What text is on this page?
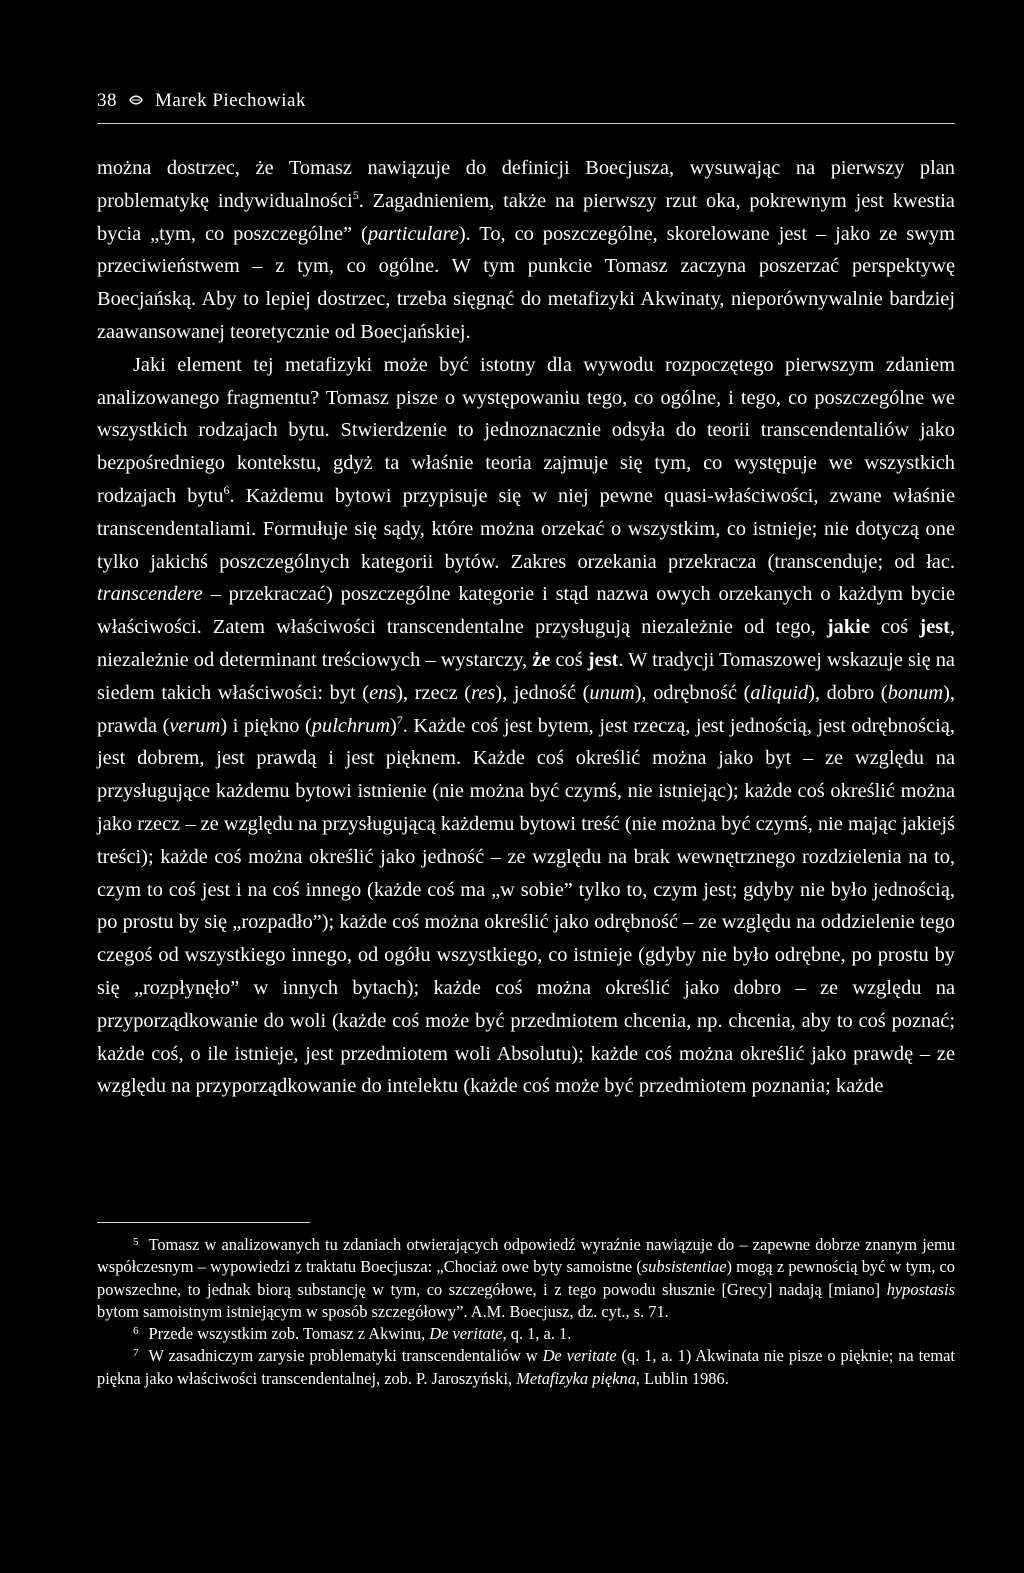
38 Marek Piechowiak

można dostrzec, że Tomasz nawiązuje do definicji Boecjusza, wysuwając na pierwszy plan problematykę indywidualności$^5$. Zagadnieniem, także na pierwszy rzut oka, pokrewnym jest kwestia bycia „tym, co poszczególne” (particulare). To, co poszczególne, skorelowane jest – jako ze swym przeciwieństwem – z tym, co ogólne. W tym punkcie Tomasz zaczyna poszerzać perspektywę Boecjańską. Aby to lepiej dostrzec, trzeba sięgnąć do metafizyki Akwinaty, nieporównywalnie bardziej zaawansowanej teoretycznie od Boecjańskiej.

Jaki element tej metafizyki może być istotny dla wywodu rozpoczętego pierwszym zdaniem analizowanego fragmentu? Tomasz pisze o występowaniu tego, co ogólne, i tego, co poszczególne we wszystkich rodzajach bytu. Stwierdzenie to jednoznacznie odsyła do teorii transcendentaliów jako bezpośredniego kontekstu, gdyż ta właśnie teoria zajmuje się tym, co występuje we wszystkich rodzajach bytu$^6$. Każdemu bytowi przypisuje się w niej pewne quasi-właściwości, zwane właśnie transcendentaliami. Formułuje się sądy, które można orzekać o wszystkim, co istnieje; nie dotyczą one tylko jakichś poszczególnych kategorii bytów. Zakres orzekania przekracza (transcenduje; od łac. transcendere – przekraczać) poszczególne kategorie i stąd nazwa owych orzekanych o każdym bycie właściwości. Zatem właściwości transcendentalne przysługują niezależnie od tego, jakie coś jest, niezależnie od determinant treściowych – wystarczy, że coś jest. W tradycji Tomaszowej wskazuje się na siedem takich właściwości: byt (ens), rzecz (res), jedność (unum), odrębność (aliquid), dobro (bonum), prawda (verum) i piękno (pulchrum)$^7$. Każde coś jest bytem, jest rzeczą, jest jednością, jest odrębnością, jest dobrem, jest prawdą i jest pięknem. Każde coś określić można jako byt – ze względu na przysługujące każdemu bytowi istnienie (nie można być czymś, nie istniejąc); każde coś określić można jako rzecz – ze względu na przysługującą każdemu bytowi treść (nie można być czymś, nie mając jakiejś treści); każde coś można określić jako jedność – ze względu na brak wewnętrznego rozdzielenia na to, czym to coś jest i na coś innego (każde coś ma „w sobie” tylko to, czym jest; gdyby nie było jednością, po prostu by się „rozpadło”); każde coś można określić jako odrębność – ze względu na oddzielenie tego czegoś od wszystkiego innego, od ogółu wszystkiego, co istnieje (gdyby nie było odrębne, po prostu by się „rozpłynęło” w innych bytach); każde coś można określić jako dobro – ze względu na przyporządkowanie do woli (każde coś może być przedmiotem chcenia, np. chcenia, aby to coś poznać; każde coś, o ile istnieje, jest przedmiotem woli Absolutu); każde coś można określić jako prawdę – ze względu na przyporządkowanie do intelektu (każde coś może być przedmiotem poznania; każde

$^5$ Tomasz w analizowanych tu zdaniach otwierających odpowiedź wyraźnie nawiązuje do – zapewne dobrze znanym jemu współczesnym – wypowiedzi z traktatu Boecjusza: „Chociaż owe byty samoistne (subsistentiae) mogą z pewnością być w tym, co powszechne, to jednak biorą substancję w tym, co szczegółowe, i z tego powodu słusznie [Grecy] nadają [miano] hypostasis bytom samoistnym istniejącym w sposób szczegółowy”. A.M. Boecjusz, dz. cyt., s. 71.

$^6$ Przede wszystkim zob. Tomasz z Akwinu, De veritate, q. 1, a. 1.

$^7$ W zasadniczym zarysie problematyki transcendentaliów w De veritate (q. 1, a. 1) Akwinata nie pisze o pięknie; na temat piękna jako właściwości transcendentalnej, zob. P. Jaroszyński, Metafizyka piękna, Lublin 1986.
